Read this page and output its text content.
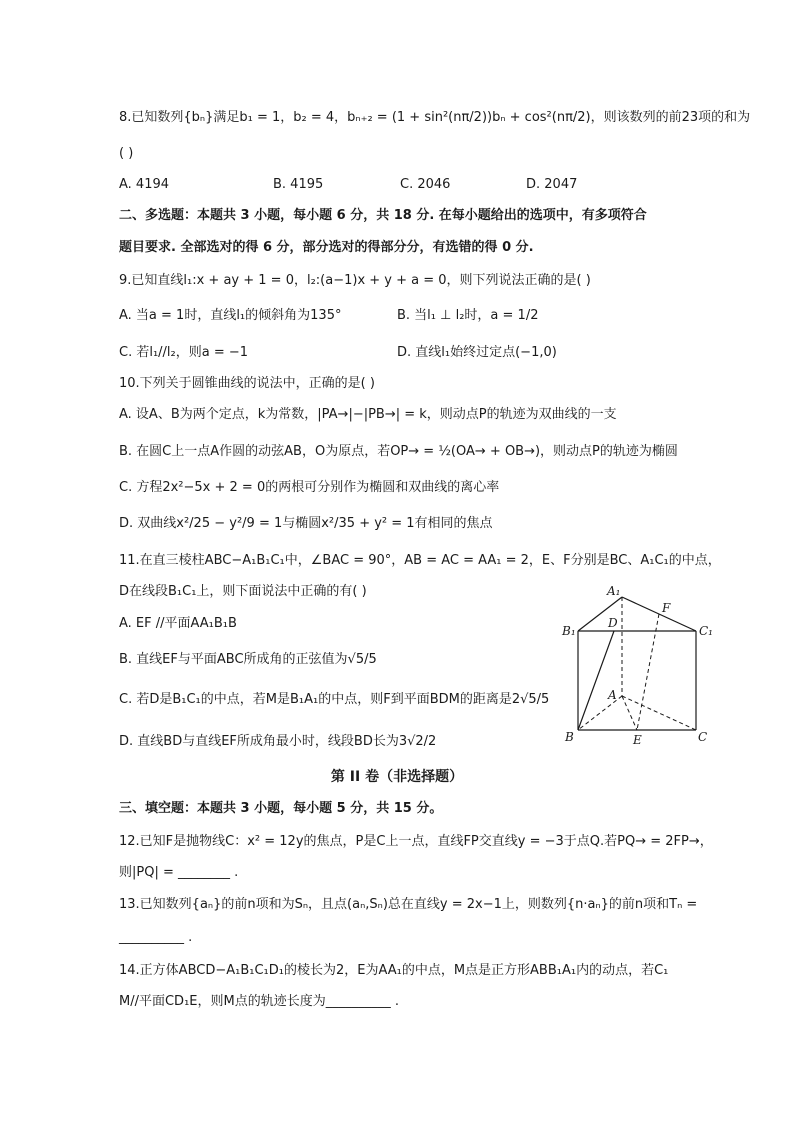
8.已知数列{bₙ}满足b₁ = 1，b₂ = 4，bₙ₊₂ = (1 + sin²(nπ/2))bₙ + cos²(nπ/2)，则该数列的前23项的和为
( )
A. 4194	B. 4195	C. 2046	D. 2047
二、多选题：本题共 3 小题，每小题 6 分，共 18 分. 在每小题给出的选项中，有多项符合
题目要求. 全部选对的得 6 分，部分选对的得部分分，有选错的得 0 分.
9.已知直线l₁:x + ay + 1 = 0，l₂:(a−1)x + y + a = 0，则下列说法正确的是( )
A. 当a = 1时，直线l₁的倾斜角为135°	B. 当l₁ ⊥ l₂时，a = 1/2
C. 若l₁//l₂，则a = −1	D. 直线l₁始终过定点(−1,0)
10.下列关于圆锥曲线的说法中，正确的是( )
A. 设A、B为两个定点，k为常数，|PA→|−|PB→| = k，则动点P的轨迹为双曲线的一支
B. 在圆C上一点A作圆的动弦AB，O为原点，若OP→ = ½(OA→ + OB→)，则动点P的轨迹为椭圆
C. 方程2x²−5x + 2 = 0的两根可分别作为椭圆和双曲线的离心率
D. 双曲线x²/25 − y²/9 = 1与椭圆x²/35 + y² = 1有相同的焦点
11.在直三棱柱ABC−A₁B₁C₁中，∠BAC = 90°，AB = AC = AA₁ = 2，E、F分别是BC、A₁C₁的中点，
D在线段B₁C₁上，则下面说法中正确的有( )
A. EF //平面AA₁B₁B
B. 直线EF与平面ABC所成角的正弦值为√5/5
C. 若D是B₁C₁的中点，若M是B₁A₁的中点，则F到平面BDM的距离是2√5/5
D. 直线BD与直线EF所成角最小时，线段BD长为3√2/2
A₁
F
B₁
D
C₁
A
B	E	C
第 II 卷（非选择题）
三、填空题：本题共 3 小题，每小题 5 分，共 15 分。
12.已知F是抛物线C：x² = 12y的焦点，P是C上一点，直线FP交直线y = −3于点Q.若PQ→ = 2FP→，
则|PQ| = ________ .
13.已知数列{aₙ}的前n项和为Sₙ，且点(aₙ,Sₙ)总在直线y = 2x−1上，则数列{n·aₙ}的前n项和Tₙ =
__________ .
14.正方体ABCD−A₁B₁C₁D₁的棱长为2，E为AA₁的中点，M点是正方形ABB₁A₁内的动点，若C₁
M//平面CD₁E，则M点的轨迹长度为__________ .
